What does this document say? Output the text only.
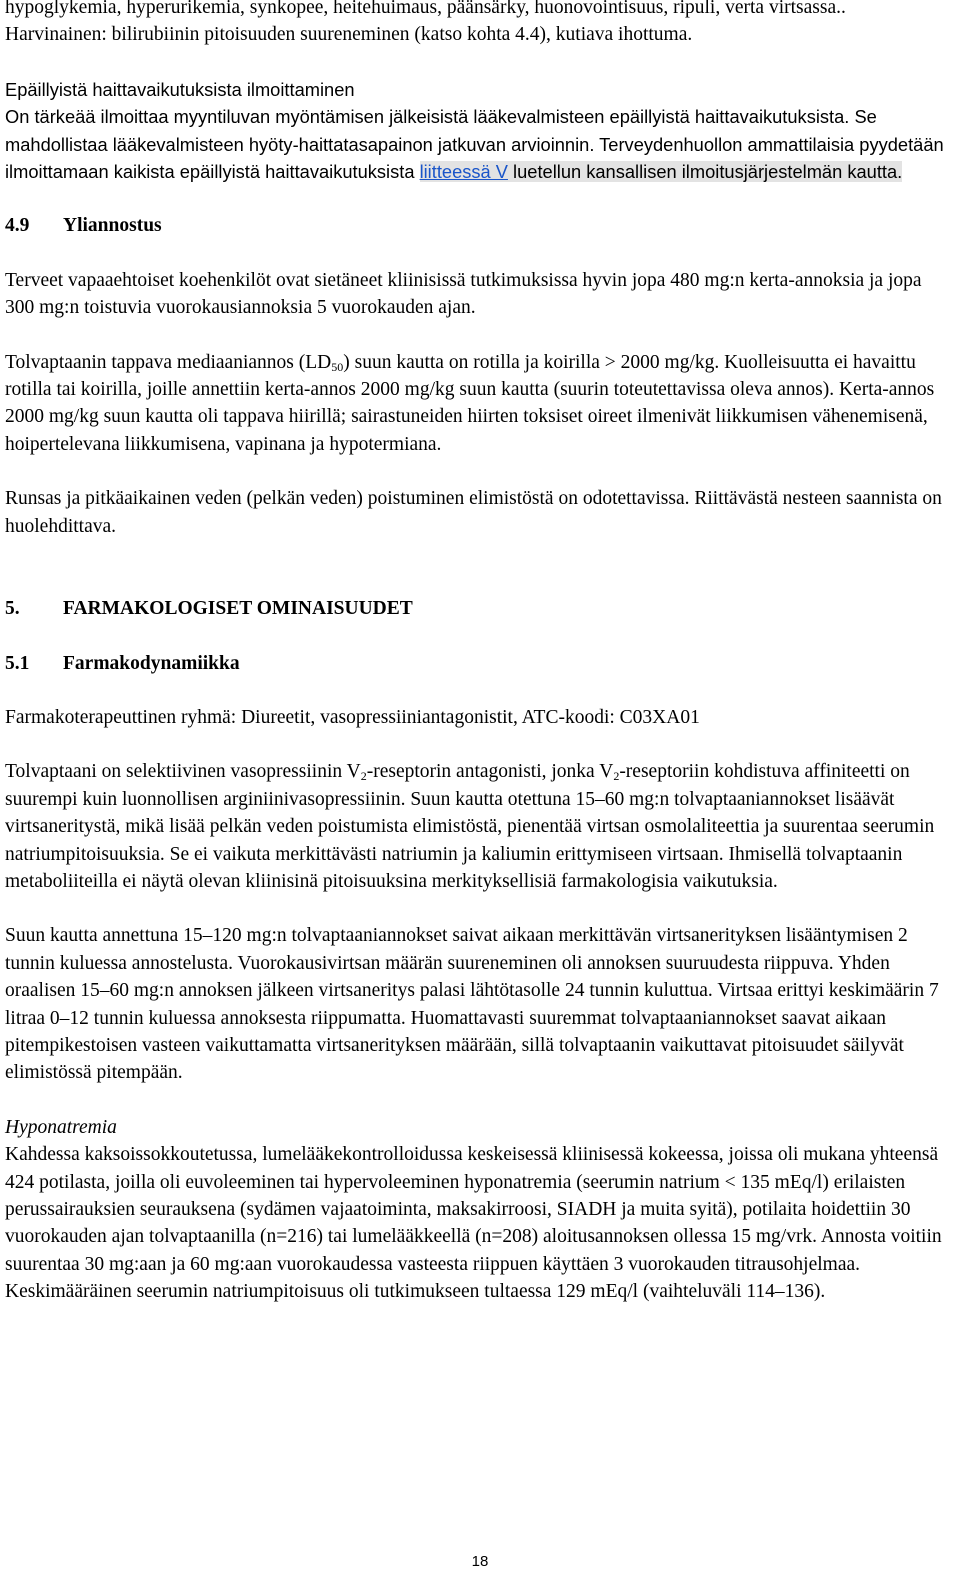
hypoglykemia, hyperurikemia, synkopee, heitehuimaus, päänsärky, huonovointisuus, ripuli, verta virtsassa..

Harvinainen: bilirubiinin pitoisuuden suureneminen (katso kohta 4.4), kutiava ihottuma.

Epäillyistä haittavaikutuksista ilmoittaminen

On tärkeää ilmoittaa myyntiluvan myöntämisen jälkeisistä lääkevalmisteen epäillyistä haittavaikutuksista. Se mahdollistaa lääkevalmisteen hyöty-haittatasapainon jatkuvan arvioinnin. Terveydenhuollon ammattilaisia pyydetään ilmoittamaan kaikista epäillyistä haittavaikutuksista liitteessä V luetellun kansallisen ilmoitusjärjestelmän kautta.

4.9 Yliannostus

Terveet vapaaehtoiset koehenkilöt ovat sietäneet kliinisissä tutkimuksissa hyvin jopa 480 mg:n kerta-annoksia ja jopa 300 mg:n toistuvia vuorokausiannoksia 5 vuorokauden ajan.

Tolvaptaanin tappava mediaaniannos $(LD_{50})$ suun kautta on rotilla ja koirilla > 2000 mg/kg. Kuolleisuutta ei havaittu rotilla tai koirilla, joille annettiin kerta-annos 2000 mg/kg suun kautta (suurin toteutettavissa oleva annos). Kerta-annos 2000 mg/kg suun kautta oli tappava hiirillä; sairastuneiden hiirten toksiset oireet ilmenivät liikkumisen vähenemisenä, hoipertelevana liikkumisena, vapinana ja hypotermiana.

Runsas ja pitkäaikainen veden (pelkän veden) poistuminen elimistöstä on odotettavissa. Riittävästä nesteen saannista on huolehdittava.

5. FARMAKOLOGISET OMINAISUUDET
5.1 Farmakodynamiikka

Farmakoterapeuttinen ryhmä: Diureetit, vasopressiiniantagonistit, ATC-koodi: C03XA01

Tolvaptaani on selektiivinen vasopressiinin $V_2$-reseptorin antagonisti, jonka $V_2$-reseptoriin kohdistuva affiniteetti on suurempi kuin luonnollisen arginiinivasopressiinin. Suun kautta otettuna 15–60 mg:n tolvaptaaniannokset lisäävät virtsaneritystä, mikä lisää pelkän veden poistumista elimistöstä, pienentää virtsan osmolaliteettia ja suurentaa seerumin natriumpitoisuuksia. Se ei vaikuta merkittävästi natriumin ja kaliumin erittymiseen virtsaan. Ihmisellä tolvaptaanin metaboliiteilla ei näytä olevan kliinisinä pitoisuuksina merkityksellisiä farmakologisia vaikutuksia.

Suun kautta annettuna 15–120 mg:n tolvaptaaniannokset saivat aikaan merkittävän virtsanerityksen lisääntymisen 2 tunnin kuluessa annostelusta. Vuorokausivirtsan määrän suureneminen oli annoksen suuruudesta riippuva. Yhden oraalisen 15–60 mg:n annoksen jälkeen virtsaneritys palasi lähtötasolle 24 tunnin kuluttua. Virtsaa erittyi keskimäärin 7 litraa 0–12 tunnin kuluessa annoksesta riippumatta. Huomattavasti suuremmat tolvaptaaniannokset saavat aikaan pitempikestoisen vasteen vaikuttamatta virtsanerityksen määrään, sillä tolvaptaanin vaikuttavat pitoisuudet säilyvät elimistössä pitempään.

Hyponatremia

Kahdessa kaksoissokkoutetussa, lumelääkekontrolloidussa keskeisessä kliinisessä kokeessa, joissa oli mukana yhteensä 424 potilasta, joilla oli euvoleeminen tai hypervoleeminen hyponatremia (seerumin natrium < 135 mEq/l) erilaisten perussairauksien seurauksena (sydämen vajaatoiminta, maksakirroosi, SIADH ja muita syitä), potilaita hoidettiin 30 vuorokauden ajan tolvaptaanilla (n=216) tai lumelääkkeellä (n=208) aloitusannoksen ollessa 15 mg/vrk. Annosta voitiin suurentaa 30 mg:aan ja 60 mg:aan vuorokaudessa vasteesta riippuen käyttäen 3 vuorokauden titrausohjelmaa.

Keskimääräinen seerumin natriumpitoisuus oli tutkimukseen tultaessa 129 mEq/l (vaihteluväli 114–136).

18
